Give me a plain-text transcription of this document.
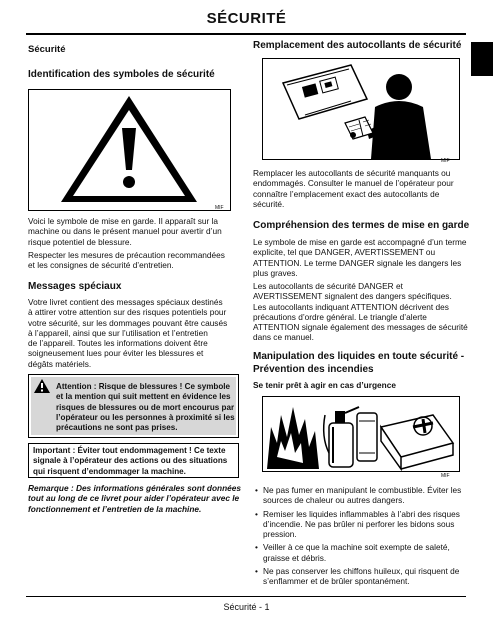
SÉCURITÉ
Sécurité
Identification des symboles de sécurité
MIF
Voici le symbole de mise en garde. Il apparaît sur la
machine ou dans le présent manuel pour avertir d’un
risque potentiel de blessure.
Respecter les mesures de précaution recommandées
et les consignes de sécurité d’entretien.
Messages spéciaux
Votre livret contient des messages spéciaux destinés
à attirer votre attention sur des risques potentiels pour
votre sécurité, sur les dommages pouvant être causés
à l’appareil, ainsi que sur l’utilisation et l’entretien
de l’appareil. Toutes les informations doivent être
soigneusement lues pour éviter les blessures et
dégâts matériels.
Attention : Risque de blessures ! Ce symbole
et la mention qui suit mettent en évidence les
risques de blessures ou de mort encourus par
l’opérateur ou les personnes à proximité si les
précautions ne sont pas prises.
Important : Éviter tout endommagement ! Ce texte
signale à l’opérateur des actions ou des situations
qui risquent d’endommager la machine.
Remarque : Des informations générales sont données
tout au long de ce livret pour aider l’opérateur avec le
fonctionnement et l’entretien de la machine.
Remplacement des autocollants de sécurité
MIF
Remplacer les autocollants de sécurité manquants ou
endommagés. Consulter le manuel de l’opérateur pour
connaître l’emplacement exact des autocollants de
sécurité.
Compréhension des termes de mise en garde
Le symbole de mise en garde est accompagné d’un terme
explicite, tel que DANGER, AVERTISSEMENT ou
ATTENTION. Le terme DANGER signale les dangers les
plus graves.
Les autocollants de sécurité DANGER et
AVERTISSEMENT signalent des dangers spécifiques.
Les autocollants indiquant ATTENTION décrivent des
précautions d’ordre général. Le triangle d’alerte
ATTENTION signale également des messages de sécurité
dans ce manuel.
Manipulation des liquides en toute sécurité -
Prévention des incendies
Se tenir prêt à agir en cas d’urgence
MIF
• Ne pas fumer en manipulant le combustible. Éviter les
sources de chaleur ou autres dangers.
• Remiser les liquides inflammables à l’abri des risques
d’incendie. Ne pas brûler ni perforer les bidons sous
pression.
• Veiller à ce que la machine soit exempte de saleté,
graisse et débris.
• Ne pas conserver les chiffons huileux, qui risquent de
s’enflammer et de brûler spontanément.
Sécurité - 1
